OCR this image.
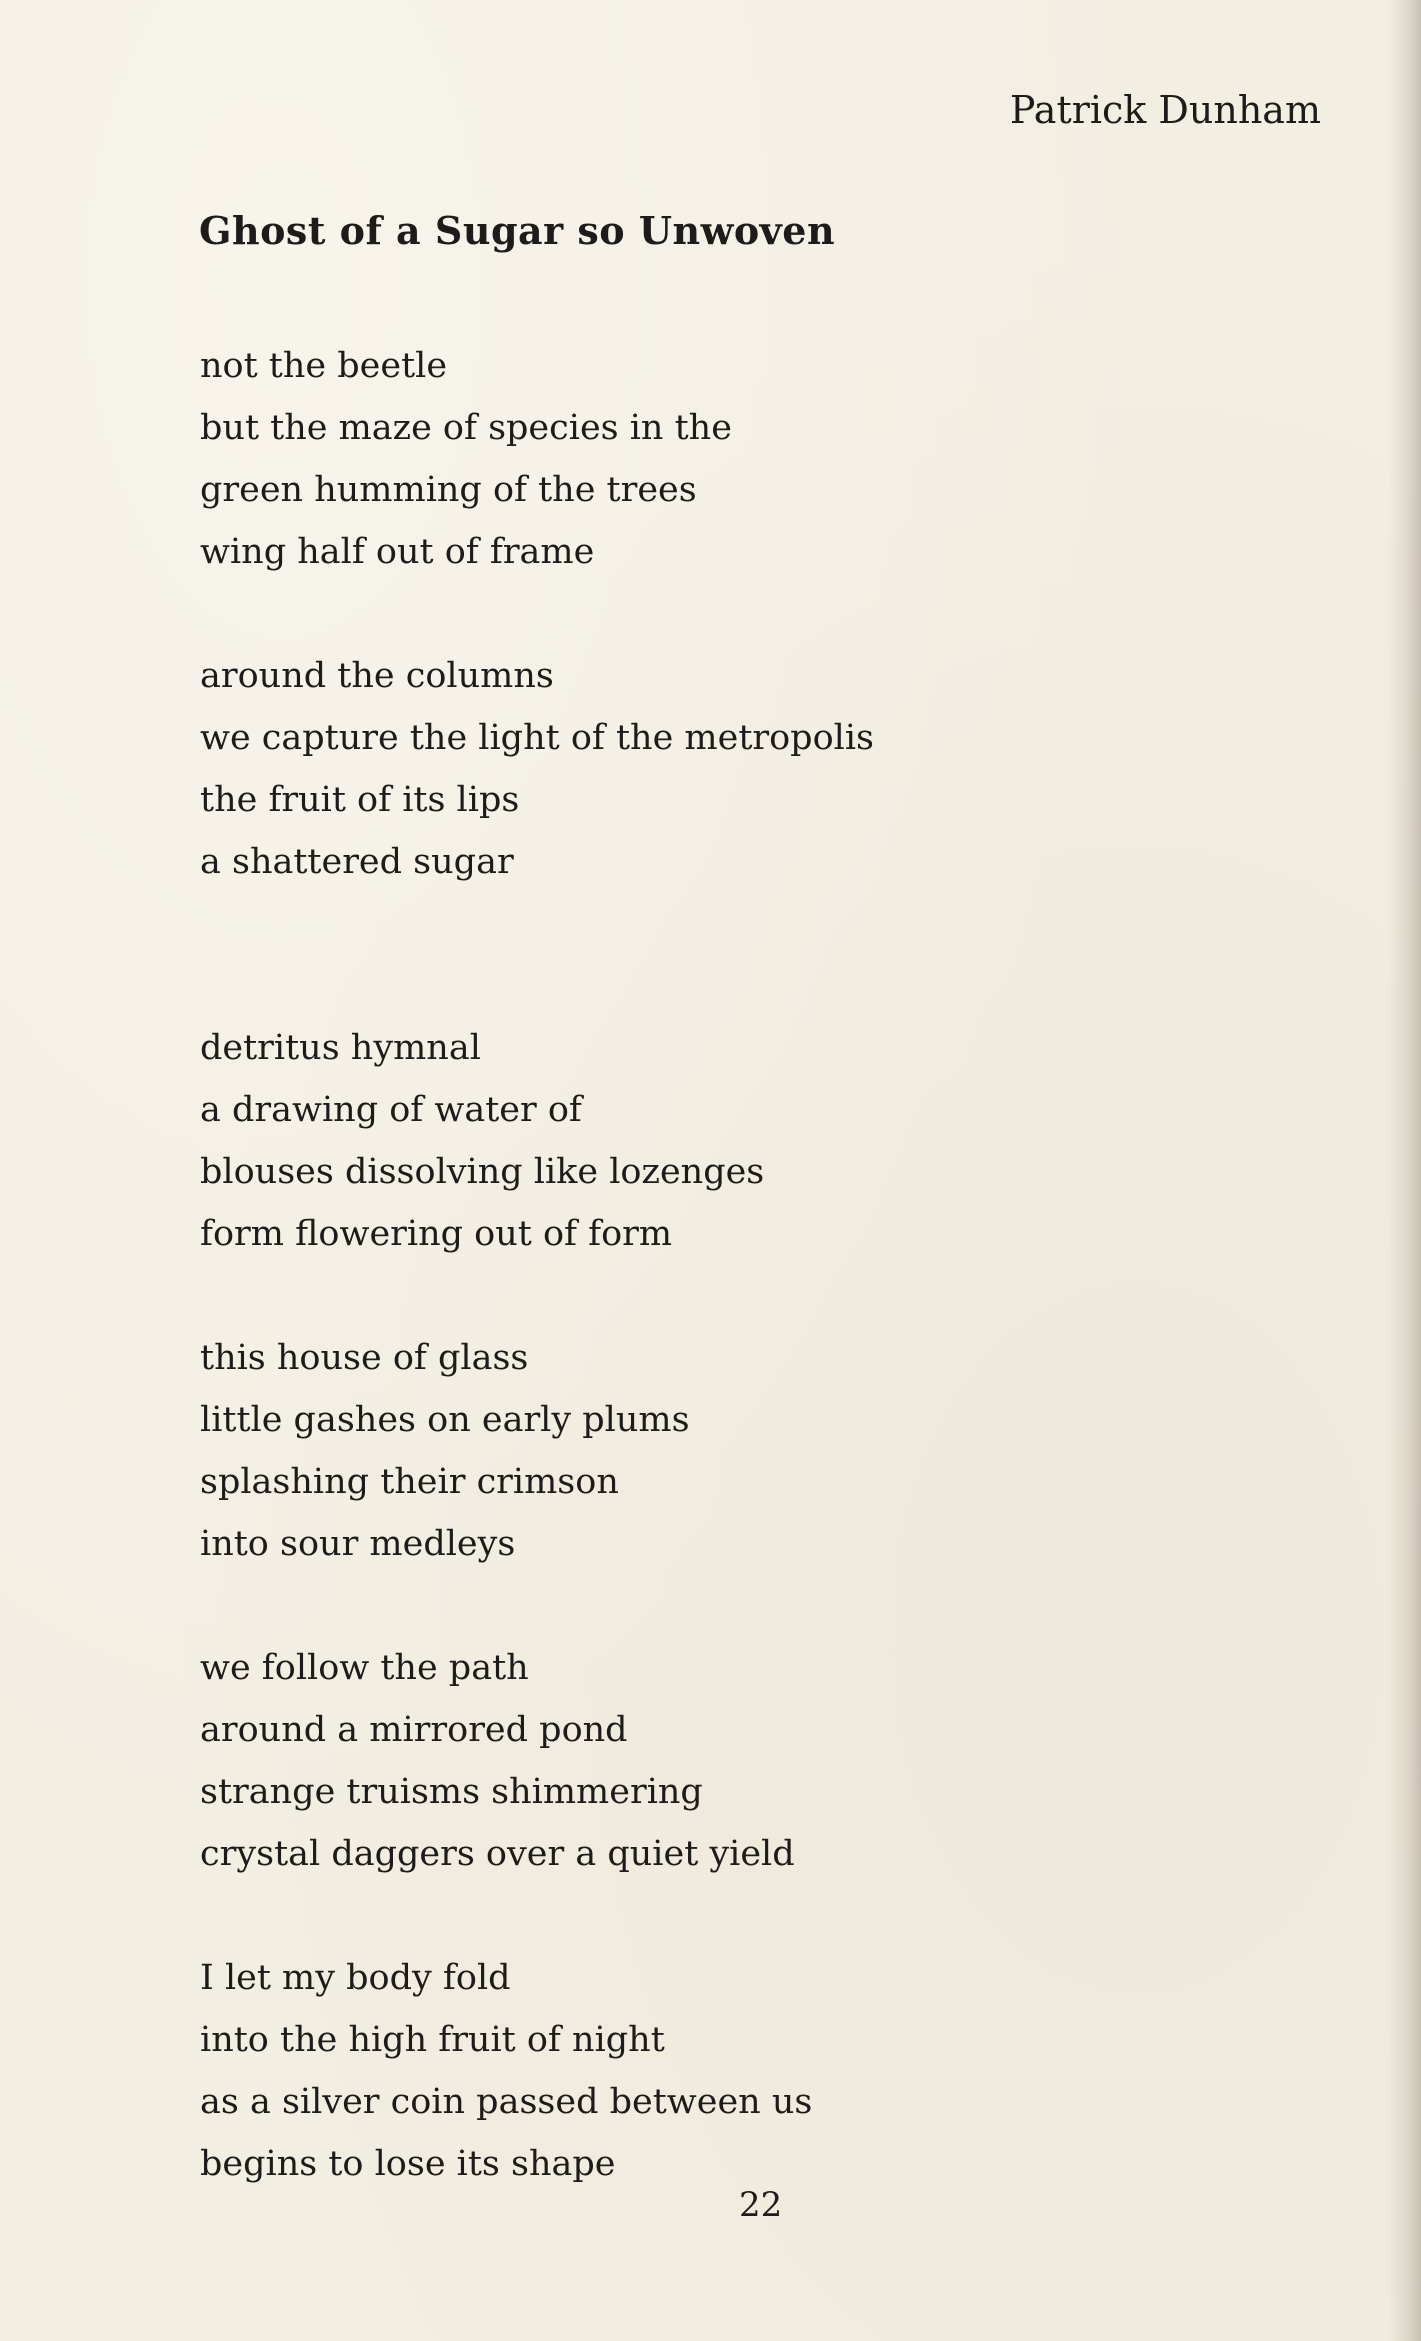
Patrick Dunham
Ghost of a Sugar so Unwoven
not the beetle
but the maze of species in the
green humming of the trees
wing half out of frame
around the columns
we capture the light of the metropolis
the fruit of its lips
a shattered sugar
detritus hymnal
a drawing of water of
blouses dissolving like lozenges
form flowering out of form
this house of glass
little gashes on early plums
splashing their crimson
into sour medleys
we follow the path
around a mirrored pond
strange truisms shimmering
crystal daggers over a quiet yield
I let my body fold
into the high fruit of night
as a silver coin passed between us
begins to lose its shape
22
